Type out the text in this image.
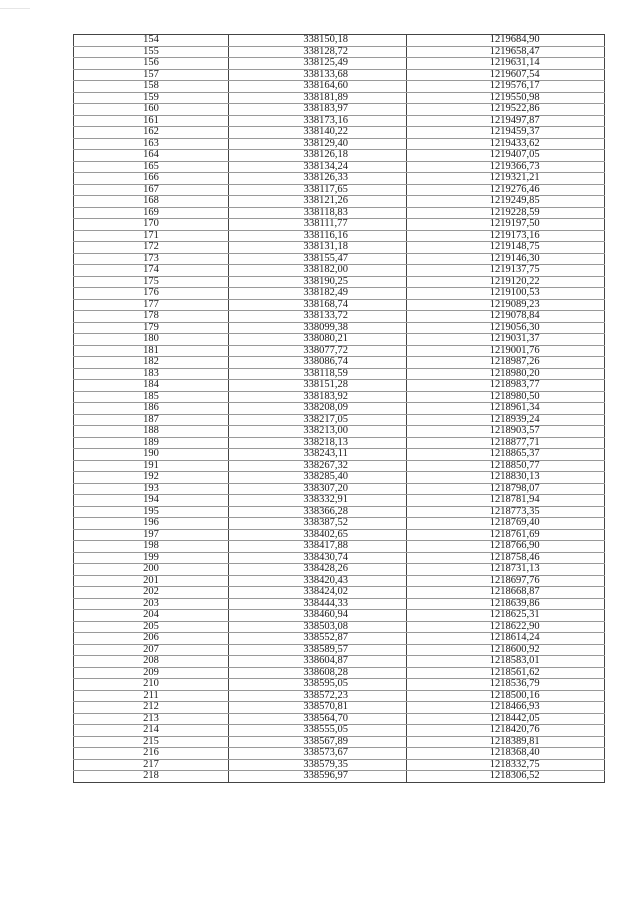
154	338150,18	1219684,90
155	338128,72	1219658,47
156	338125,49	1219631,14
157	338133,68	1219607,54
158	338164,60	1219576,17
159	338181,89	1219550,98
160	338183,97	1219522,86
161	338173,16	1219497,87
162	338140,22	1219459,37
163	338129,40	1219433,62
164	338126,18	1219407,05
165	338134,24	1219366,73
166	338126,33	1219321,21
167	338117,65	1219276,46
168	338121,26	1219249,85
169	338118,83	1219228,59
170	338111,77	1219197,50
171	338116,16	1219173,16
172	338131,18	1219148,75
173	338155,47	1219146,30
174	338182,00	1219137,75
175	338190,25	1219120,22
176	338182,49	1219100,53
177	338168,74	1219089,23
178	338133,72	1219078,84
179	338099,38	1219056,30
180	338080,21	1219031,37
181	338077,72	1219001,76
182	338086,74	1218987,26
183	338118,59	1218980,20
184	338151,28	1218983,77
185	338183,92	1218980,50
186	338208,09	1218961,34
187	338217,05	1218939,24
188	338213,00	1218903,57
189	338218,13	1218877,71
190	338243,11	1218865,37
191	338267,32	1218850,77
192	338285,40	1218830,13
193	338307,20	1218798,07
194	338332,91	1218781,94
195	338366,28	1218773,35
196	338387,52	1218769,40
197	338402,65	1218761,69
198	338417,88	1218766,90
199	338430,74	1218758,46
200	338428,26	1218731,13
201	338420,43	1218697,76
202	338424,02	1218668,87
203	338444,33	1218639,86
204	338460,94	1218625,31
205	338503,08	1218622,90
206	338552,87	1218614,24
207	338589,57	1218600,92
208	338604,87	1218583,01
209	338608,28	1218561,62
210	338595,05	1218536,79
211	338572,23	1218500,16
212	338570,81	1218466,93
213	338564,70	1218442,05
214	338555,05	1218420,76
215	338567,89	1218389,81
216	338573,67	1218368,40
217	338579,35	1218332,75
218	338596,97	1218306,52
